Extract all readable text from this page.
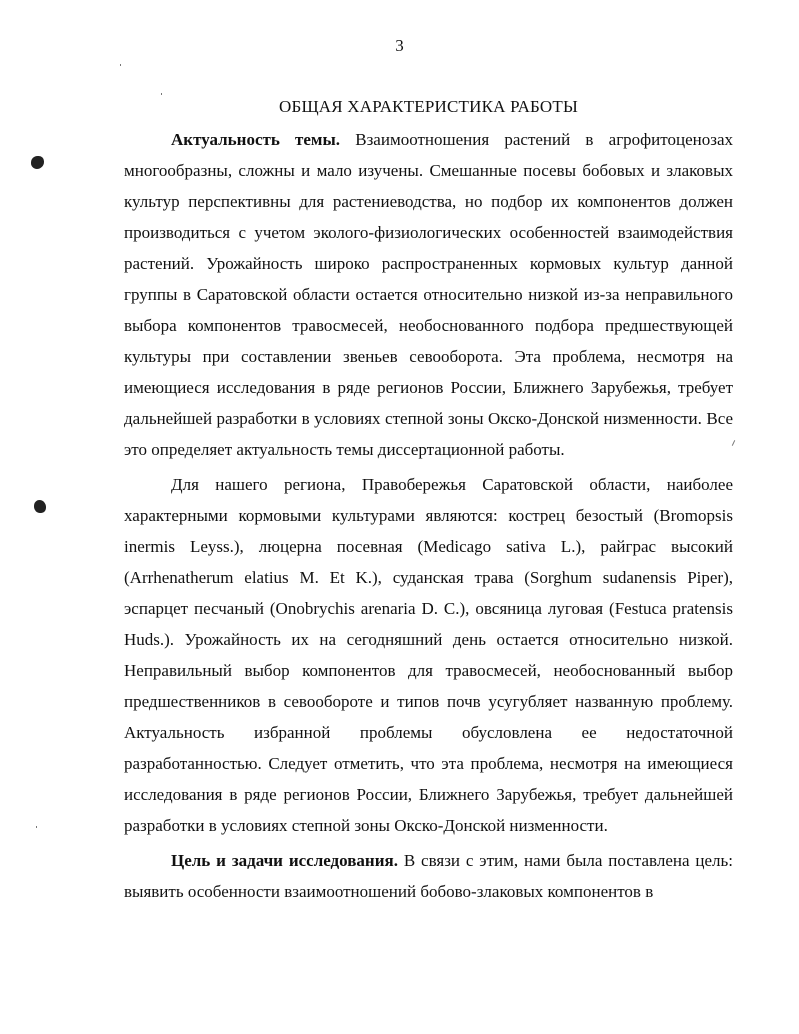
3
ОБЩАЯ ХАРАКТЕРИСТИКА РАБОТЫ

Актуальность темы. Взаимоотношения растений в агрофитоценозах многообразны, сложны и мало изучены. Смешанные посевы бобовых и злаковых культур перспективны для растениеводства, но подбор их компонентов должен производиться с учетом эколого-физиологических особенностей взаимодействия растений. Урожайность широко распространенных кормовых культур данной группы в Саратовской области остается относительно низкой из-за неправильного выбора компонентов травосмесей, необоснованного подбора предшествующей культуры при составлении звеньев севооборота. Эта проблема, несмотря на имеющиеся исследования в ряде регионов России, Ближнего Зарубежья, требует дальнейшей разработки в условиях степной зоны Окско-Донской низменности. Все это определяет актуальность темы диссертационной работы.

Для нашего региона, Правобережья Саратовской области, наиболее характерными кормовыми культурами являются: кострец безостый (Bromopsis inermis Leyss.), люцерна посевная (Medicago sativa L.), райграс высокий (Arrhenatherum elatius M. Et K.), суданская трава (Sorghum sudanensis Piper), эспарцет песчаный (Onobrychis arenaria D. C.), овсяница луговая (Festuca pratensis Huds.). Урожайность их на сегодняшний день остается относительно низкой. Неправильный выбор компонентов для травосмесей, необоснованный выбор предшественников в севообороте и типов почв усугубляет названную проблему. Актуальность избранной проблемы обусловлена ее недостаточной разработанностью. Следует отметить, что эта проблема, несмотря на имеющиеся исследования в ряде регионов России, Ближнего Зарубежья, требует дальнейшей разработки в условиях степной зоны Окско-Донской низменности.

Цель и задачи исследования. В связи с этим, нами была поставлена цель: выявить особенности взаимоотношений бобово-злаковых компонентов в
